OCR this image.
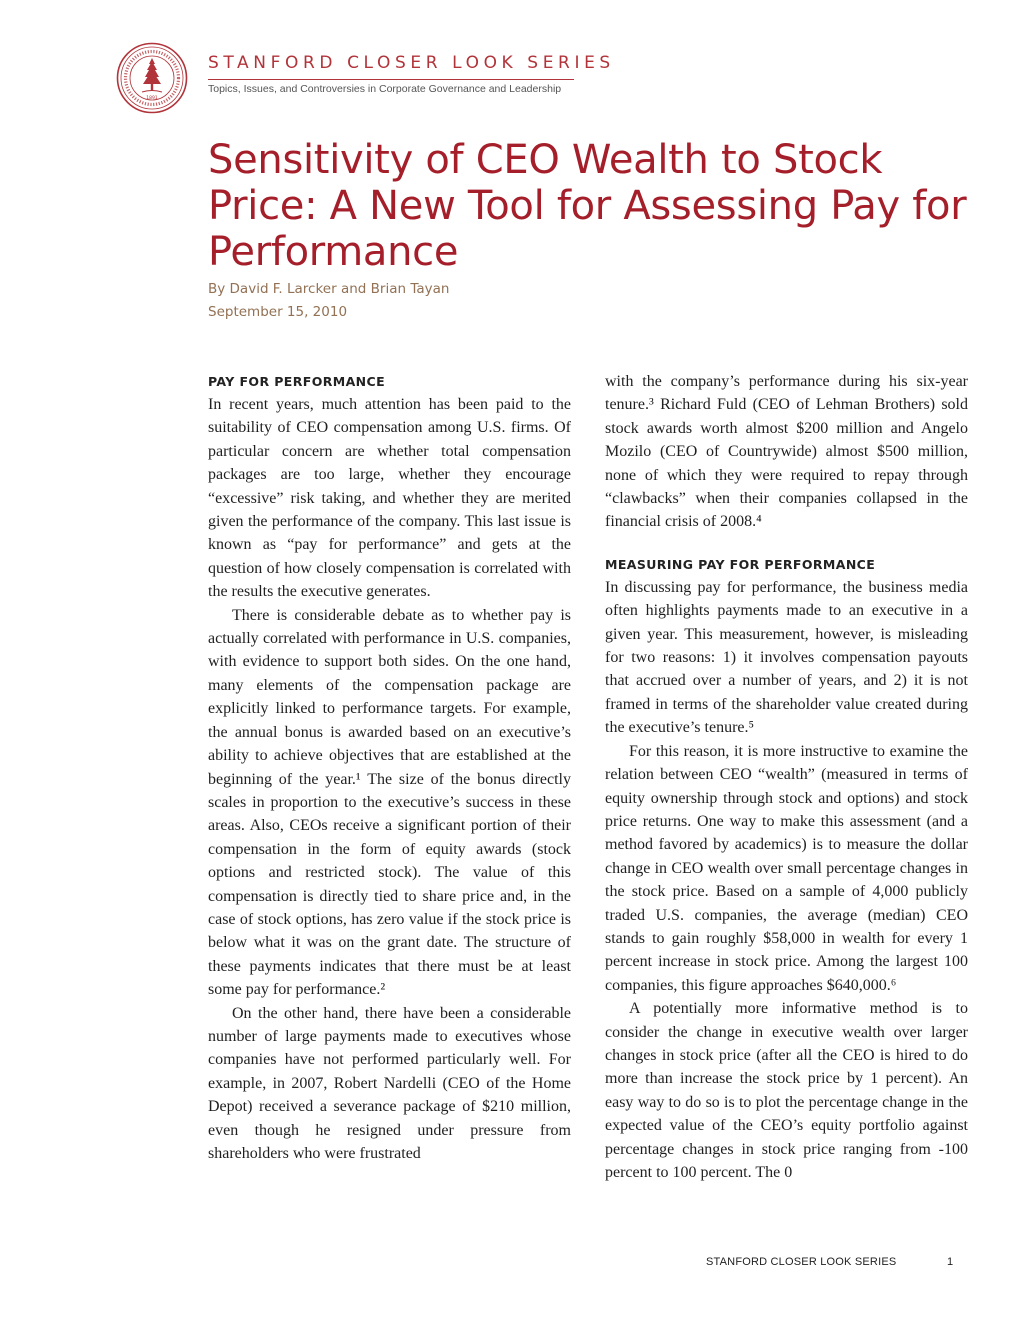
1891
STANFORD CLOSER LOOK SERIES
Topics, Issues, and Controversies in Corporate Governance and Leadership
Sensitivity of CEO Wealth to Stock Price: A New Tool for Assessing Pay for Performance
By David F. Larcker and Brian Tayan
September 15, 2010
PAY FOR PERFORMANCE

In recent years, much attention has been paid to the suitability of CEO compensation among U.S. firms. Of particular concern are whether total compensation packages are too large, whether they encourage “excessive” risk taking, and whether they are merited given the performance of the company. This last issue is known as “pay for performance” and gets at the question of how closely compensation is correlated with the results the executive generates.

There is considerable debate as to whether pay is actually correlated with performance in U.S. companies, with evidence to support both sides. On the one hand, many elements of the compensation package are explicitly linked to performance targets. For example, the annual bonus is awarded based on an executive’s ability to achieve objectives that are established at the beginning of the year.¹ The size of the bonus directly scales in proportion to the executive’s success in these areas. Also, CEOs receive a significant portion of their compensation in the form of equity awards (stock options and restricted stock). The value of this compensation is directly tied to share price and, in the case of stock options, has zero value if the stock price is below what it was on the grant date. The structure of these payments indicates that there must be at least some pay for performance.²

On the other hand, there have been a considerable number of large payments made to executives whose companies have not performed particularly well. For example, in 2007, Robert Nardelli (CEO of the Home Depot) received a severance package of $210 million, even though he resigned under pressure from shareholders who were frustrated

with the company’s performance during his six-year tenure.³ Richard Fuld (CEO of Lehman Brothers) sold stock awards worth almost $200 million and Angelo Mozilo (CEO of Countrywide) almost $500 million, none of which they were required to repay through “clawbacks” when their companies collapsed in the financial crisis of 2008.⁴

MEASURING PAY FOR PERFORMANCE

In discussing pay for performance, the business media often highlights payments made to an executive in a given year. This measurement, however, is misleading for two reasons: 1) it involves compensation payouts that accrued over a number of years, and 2) it is not framed in terms of the shareholder value created during the executive’s tenure.⁵

For this reason, it is more instructive to examine the relation between CEO “wealth” (measured in terms of equity ownership through stock and options) and stock price returns. One way to make this assessment (and a method favored by academics) is to measure the dollar change in CEO wealth over small percentage changes in the stock price. Based on a sample of 4,000 publicly traded U.S. companies, the average (median) CEO stands to gain roughly $58,000 in wealth for every 1 percent increase in stock price. Among the largest 100 companies, this figure approaches $640,000.⁶

A potentially more informative method is to consider the change in executive wealth over larger changes in stock price (after all the CEO is hired to do more than increase the stock price by 1 percent). An easy way to do so is to plot the percentage change in the expected value of the CEO’s equity portfolio against percentage changes in stock price ranging from -100 percent to 100 percent. The 0

STANFORD CLOSER LOOK SERIES	1
